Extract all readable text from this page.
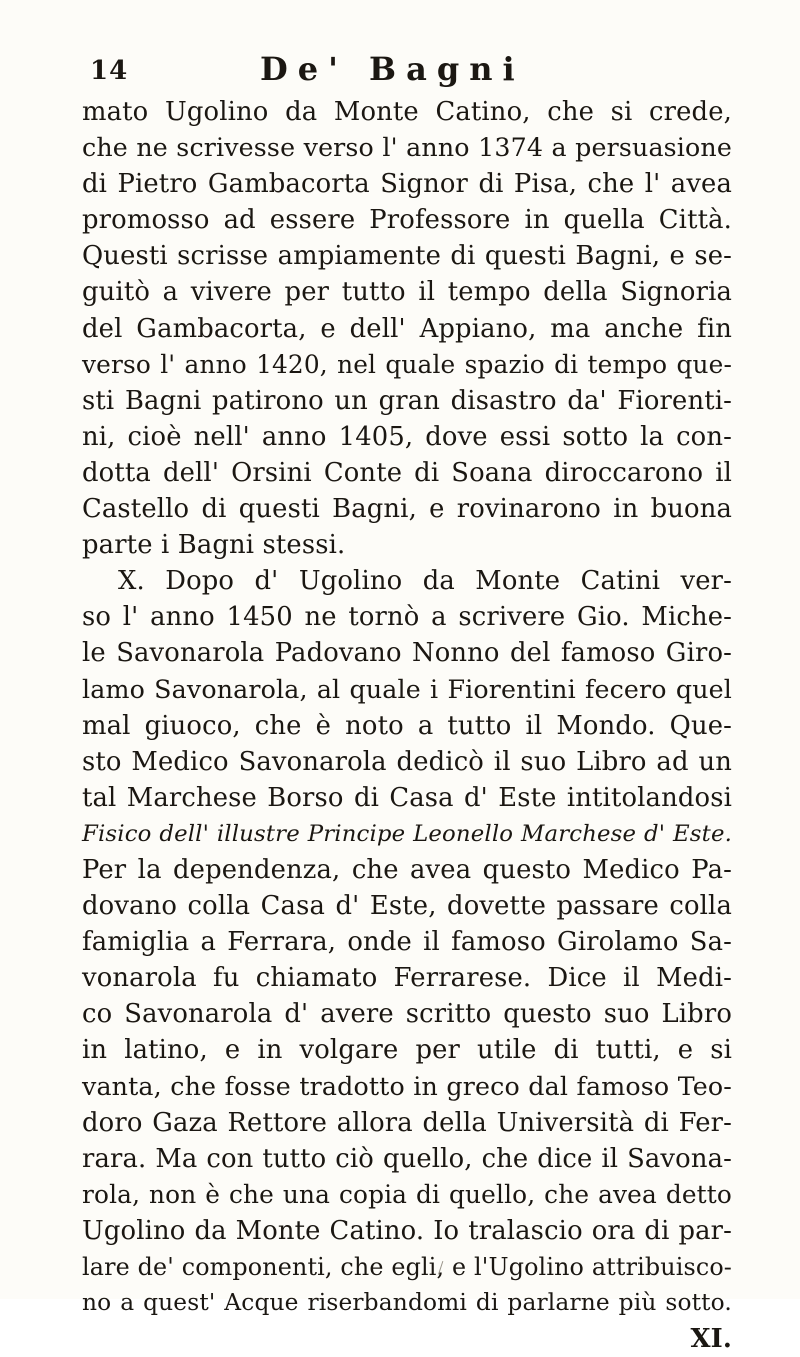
14	De' Bagni
mato Ugolino da Monte Catino, che si crede,
che ne scrivesse verso l' anno 1374 a persuasione
di Pietro Gambacorta Signor di Pisa, che l' avea
promosso ad essere Professore in quella Città.
Questi scrisse ampiamente di questi Bagni, e se-
guitò a vivere per tutto il tempo della Signoria
del Gambacorta, e dell' Appiano, ma anche fin
verso l' anno 1420, nel quale spazio di tempo que-
sti Bagni patirono un gran disastro da' Fiorenti-
ni, cioè nell' anno 1405, dove essi sotto la con-
dotta dell' Orsini Conte di Soana diroccarono il
Castello di questi Bagni, e rovinarono in buona
parte i Bagni stessi.
X. Dopo d' Ugolino da Monte Catini ver-
so l' anno 1450 ne tornò a scrivere Gio. Miche-
le Savonarola Padovano Nonno del famoso Giro-
lamo Savonarola, al quale i Fiorentini fecero quel
mal giuoco, che è noto a tutto il Mondo. Que-
sto Medico Savonarola dedicò il suo Libro ad un
tal Marchese Borso di Casa d' Este intitolandosi
Fisico dell' illustre Principe Leonello Marchese d' Este.
Per la dependenza, che avea questo Medico Pa-
dovano colla Casa d' Este, dovette passare colla
famiglia a Ferrara, onde il famoso Girolamo Sa-
vonarola fu chiamato Ferrarese. Dice il Medi-
co Savonarola d' avere scritto questo suo Libro
in latino, e in volgare per utile di tutti, e si
vanta, che fosse tradotto in greco dal famoso Teo-
doro Gaza Rettore allora della Università di Fer-
rara. Ma con tutto ciò quello, che dice il Savona-
rola, non è che una copia di quello, che avea detto
Ugolino da Monte Catino. Io tralascio ora di par-
lare de' componenti, che egli, e l'Ugolino attribuisco-
no a quest' Acque riserbandomi di parlarne più sotto.
XI.
